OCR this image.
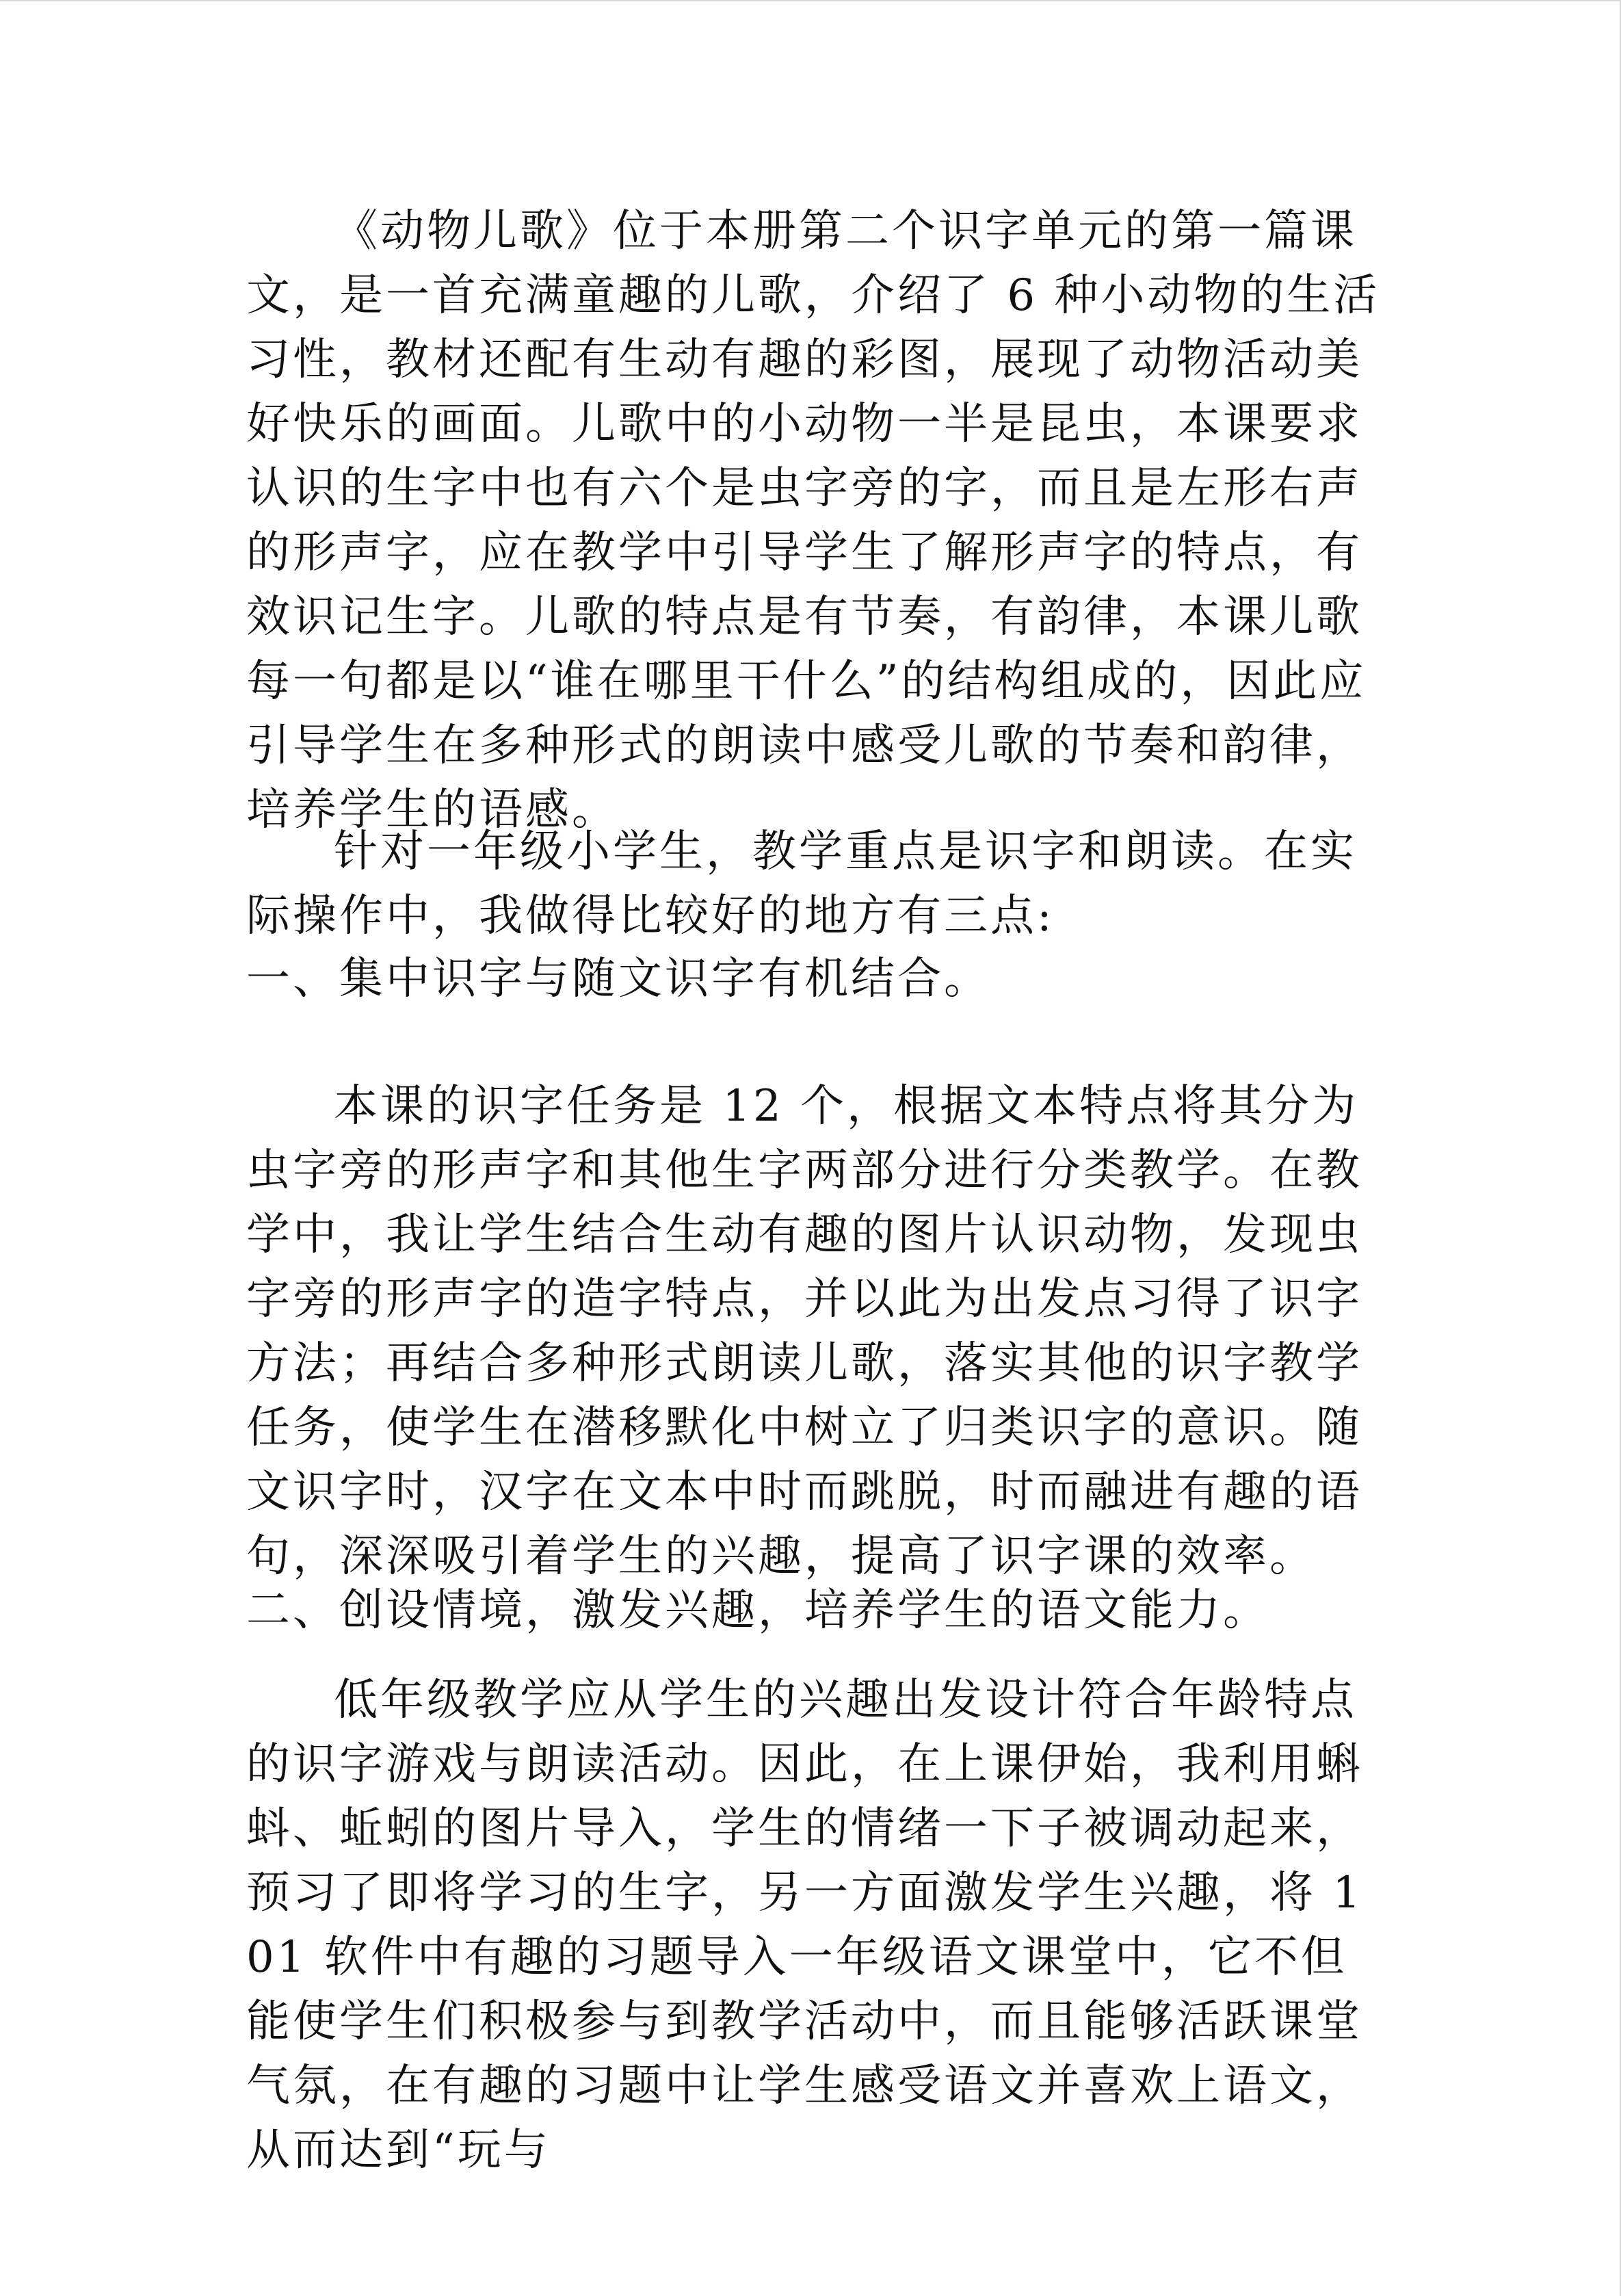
《动物儿歌》位于本册第二个识字单元的第一篇课文，是一首充满童趣的儿歌，介绍了 6 种小动物的生活习性，教材还配有生动有趣的彩图，展现了动物活动美好快乐的画面。儿歌中的小动物一半是昆虫，本课要求认识的生字中也有六个是虫字旁的字，而且是左形右声的形声字，应在教学中引导学生了解形声字的特点，有效识记生字。儿歌的特点是有节奏，有韵律，本课儿歌每一句都是以“谁在哪里干什么”的结构组成的，因此应引导学生在多种形式的朗读中感受儿歌的节奏和韵律，培养学生的语感。

针对一年级小学生，教学重点是识字和朗读。在实际操作中，我做得比较好的地方有三点:

一、集中识字与随文识字有机结合。

本课的识字任务是 12 个，根据文本特点将其分为虫字旁的形声字和其他生字两部分进行分类教学。在教学中，我让学生结合生动有趣的图片认识动物，发现虫字旁的形声字的造字特点，并以此为出发点习得了识字方法；再结合多种形式朗读儿歌，落实其他的识字教学任务，使学生在潜移默化中树立了归类识字的意识。随文识字时，汉字在文本中时而跳脱，时而融进有趣的语句，深深吸引着学生的兴趣，提高了识字课的效率。

二、创设情境，激发兴趣，培养学生的语文能力。

低年级教学应从学生的兴趣出发设计符合年龄特点的识字游戏与朗读活动。因此，在上课伊始，我利用蝌蚪、蚯蚓的图片导入，学生的情绪一下子被调动起来，预习了即将学习的生字，另一方面激发学生兴趣，将 101 软件中有趣的习题导入一年级语文课堂中，它不但能使学生们积极参与到教学活动中，而且能够活跃课堂气氛，在有趣的习题中让学生感受语文并喜欢上语文，从而达到“玩与
